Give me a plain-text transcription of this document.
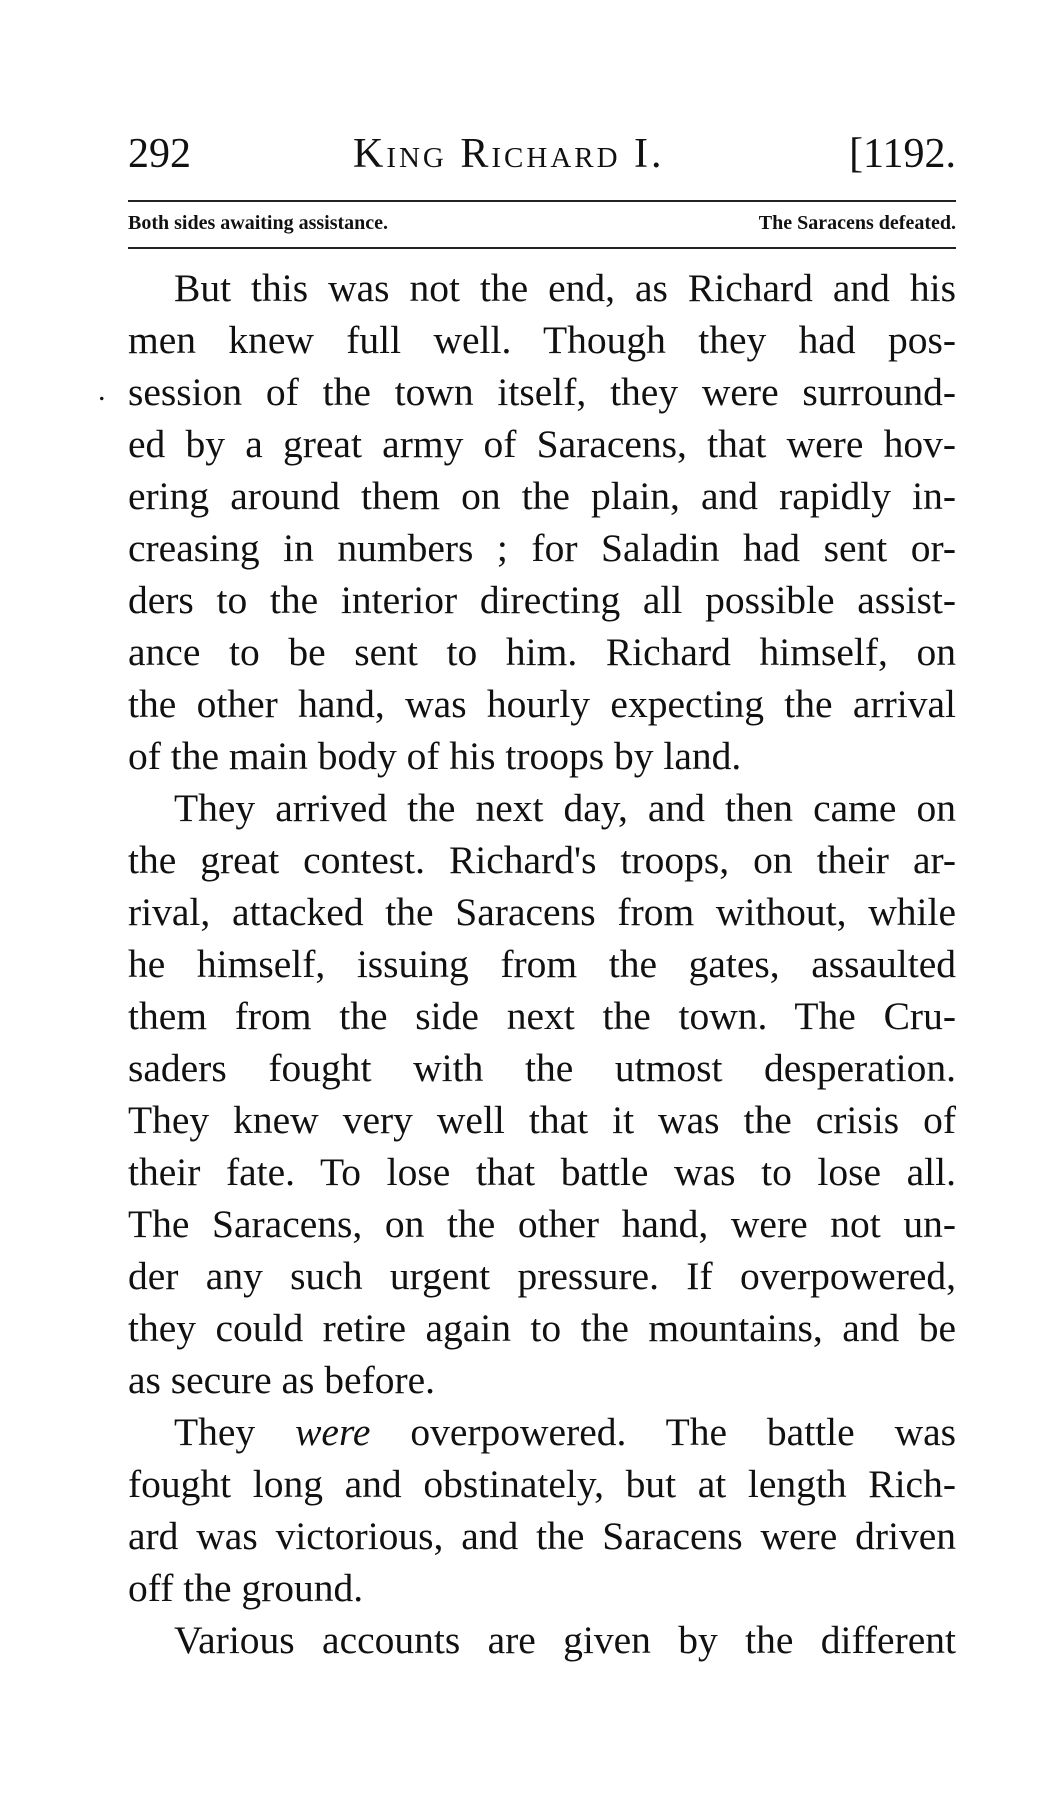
292	King Richard I.	[1192.
Both sides awaiting assistance.	The Saracens defeated.
.
But this was not the end, as Richard and his
men knew full well. Though they had pos-
session of the town itself, they were surround-
ed by a great army of Saracens, that were hov-
ering around them on the plain, and rapidly in-
creasing in numbers ; for Saladin had sent or-
ders to the interior directing all possible assist-
ance to be sent to him. Richard himself, on
the other hand, was hourly expecting the arrival
of the main body of his troops by land.
They arrived the next day, and then came on
the great contest. Richard's troops, on their ar-
rival, attacked the Saracens from without, while
he himself, issuing from the gates, assaulted
them from the side next the town. The Cru-
saders fought with the utmost desperation.
They knew very well that it was the crisis of
their fate. To lose that battle was to lose all.
The Saracens, on the other hand, were not un-
der any such urgent pressure. If overpowered,
they could retire again to the mountains, and be
as secure as before.
They were overpowered. The battle was
fought long and obstinately, but at length Rich-
ard was victorious, and the Saracens were driven
off the ground.
Various accounts are given by the different
